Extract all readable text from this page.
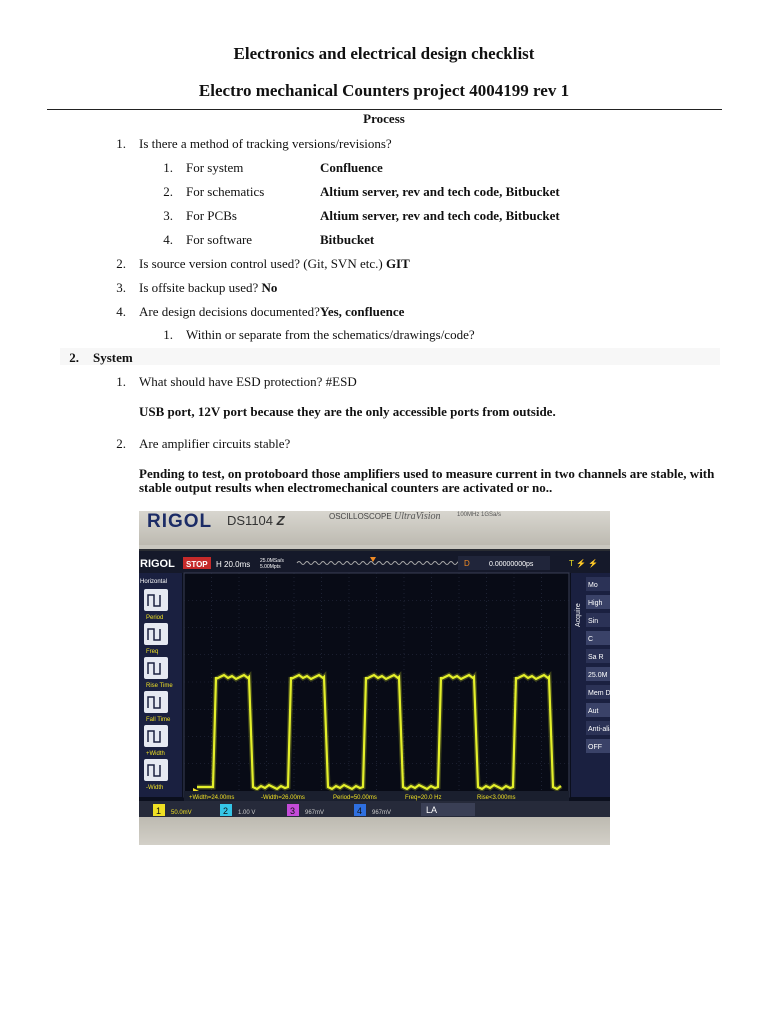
Electronics and electrical design checklist
Electro mechanical Counters project 4004199 rev 1
Process
1. Is there a method of tracking versions/revisions?
1. For system	Confluence
2. For schematics	Altium server, rev and tech code, Bitbucket
3. For PCBs	Altium server, rev and tech code, Bitbucket
4. For software	Bitbucket
2. Is source version control used? (Git, SVN etc.) GIT
3. Is offsite backup used? No
4. Are design decisions documented?Yes, confluence
1. Within or separate from the schematics/drawings/code?
2. System
1. What should have ESD protection? #ESD
USB port, 12V port because they are the only accessible ports from outside.
2. Are amplifier circuits stable?
Pending to test, on protoboard those amplifiers used to measure current in two channels are stable, with
stable output results when electromechanical counters are activated or no..
RIGOL DS1104 Z	OSCILLOSCOPE UltraVision	100MHz 1GSa/s
RIGOL STOP H 20.0ms 25.0MSa/s
5.00Mpts	D	0.00000000ps	T ⚡ ⚡
Horizontal
Period
Freq
Rise Time
Fall Time
+Width
-Width
Acquire
Mo
High
Sin
C
Sa R
25.0M
Mem D
Aut
Anti-alia
OFF
+Width=24.00ms	-Width=26.00ms	Period=50.00ms	Freq=20.0 Hz	Rise<3.000ms
1 50.0mV	2 1.00 V	3 967mV	4 967mV	LA
